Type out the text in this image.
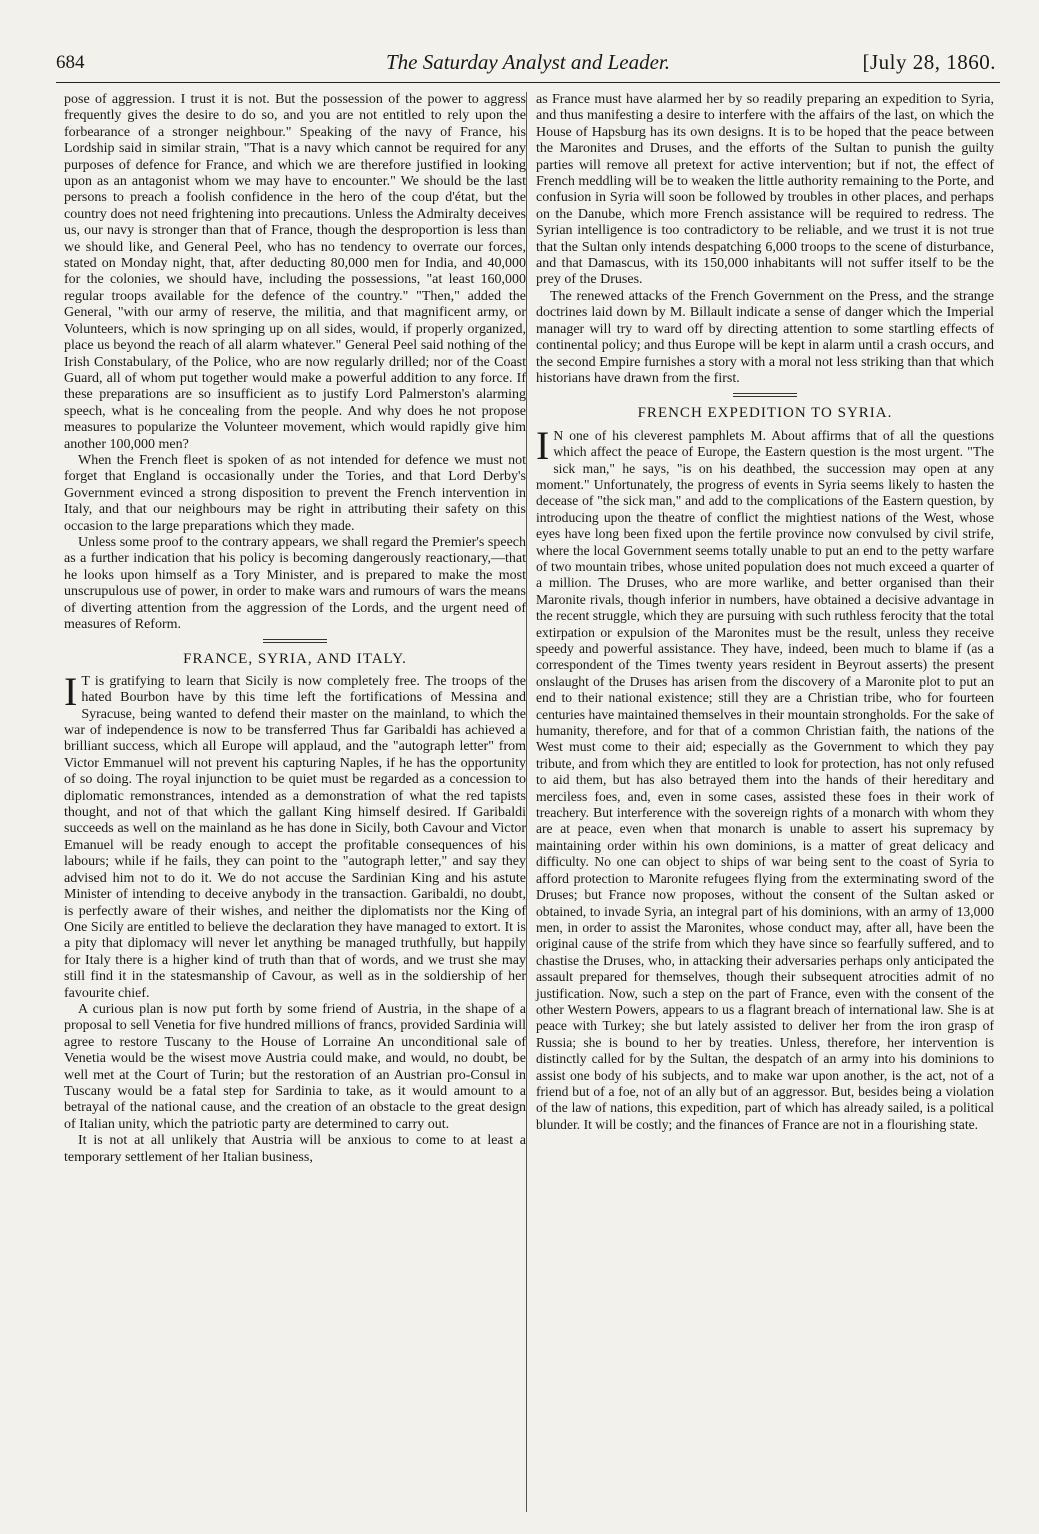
684	The Saturday Analyst and Leader.	[July 28, 1860.

pose of aggression. I trust it is not. But the possession of the power to aggress frequently gives the desire to do so, and you are not entitled to rely upon the forbearance of a stronger neighbour." Speaking of the navy of France, his Lordship said in similar strain, "That is a navy which cannot be required for any purposes of defence for France, and which we are therefore justified in looking upon as an antagonist whom we may have to encounter." We should be the last persons to preach a foolish confidence in the hero of the coup d'état, but the country does not need frightening into precautions. Unless the Admiralty deceives us, our navy is stronger than that of France, though the desproportion is less than we should like, and General Peel, who has no tendency to overrate our forces, stated on Monday night, that, after deducting 80,000 men for India, and 40,000 for the colonies, we should have, including the possessions, "at least 160,000 regular troops available for the defence of the country." "Then," added the General, "with our army of reserve, the militia, and that magnificent army, or Volunteers, which is now springing up on all sides, would, if properly organized, place us beyond the reach of all alarm whatever." General Peel said nothing of the Irish Constabulary, of the Police, who are now regularly drilled; nor of the Coast Guard, all of whom put together would make a powerful addition to any force. If these preparations are so insufficient as to justify Lord Palmerston's alarming speech, what is he concealing from the people. And why does he not propose measures to popularize the Volunteer movement, which would rapidly give him another 100,000 men?

When the French fleet is spoken of as not intended for defence we must not forget that England is occasionally under the Tories, and that Lord Derby's Government evinced a strong disposition to prevent the French intervention in Italy, and that our neighbours may be right in attributing their safety on this occasion to the large preparations which they made.

Unless some proof to the contrary appears, we shall regard the Premier's speech as a further indication that his policy is becoming dangerously reactionary,—that he looks upon himself as a Tory Minister, and is prepared to make the most unscrupulous use of power, in order to make wars and rumours of wars the means of diverting attention from the aggression of the Lords, and the urgent need of measures of Reform.

FRANCE, SYRIA, AND ITALY.

I T is gratifying to learn that Sicily is now completely free. The troops of the hated Bourbon have by this time left the fortifications of Messina and Syracuse, being wanted to defend their master on the mainland, to which the war of independence is now to be transferred Thus far Garibaldi has achieved a brilliant success, which all Europe will applaud, and the "autograph letter" from Victor Emmanuel will not prevent his capturing Naples, if he has the opportunity of so doing. The royal injunction to be quiet must be regarded as a concession to diplomatic remonstrances, intended as a demonstration of what the red tapists thought, and not of that which the gallant King himself desired. If Garibaldi succeeds as well on the mainland as he has done in Sicily, both Cavour and Victor Emanuel will be ready enough to accept the profitable consequences of his labours; while if he fails, they can point to the "autograph letter," and say they advised him not to do it. We do not accuse the Sardinian King and his astute Minister of intending to deceive anybody in the transaction. Garibaldi, no doubt, is perfectly aware of their wishes, and neither the diplomatists nor the King of One Sicily are entitled to believe the declaration they have managed to extort. It is a pity that diplomacy will never let anything be managed truthfully, but happily for Italy there is a higher kind of truth than that of words, and we trust she may still find it in the statesmanship of Cavour, as well as in the soldiership of her favourite chief.

A curious plan is now put forth by some friend of Austria, in the shape of a proposal to sell Venetia for five hundred millions of francs, provided Sardinia will agree to restore Tuscany to the House of Lorraine An unconditional sale of Venetia would be the wisest move Austria could make, and would, no doubt, be well met at the Court of Turin; but the restoration of an Austrian pro-Consul in Tuscany would be a fatal step for Sardinia to take, as it would amount to a betrayal of the national cause, and the creation of an obstacle to the great design of Italian unity, which the patriotic party are determined to carry out.

It is not at all unlikely that Austria will be anxious to come to at least a temporary settlement of her Italian business,

as France must have alarmed her by so readily preparing an expedition to Syria, and thus manifesting a desire to interfere with the affairs of the last, on which the House of Hapsburg has its own designs. It is to be hoped that the peace between the Maronites and Druses, and the efforts of the Sultan to punish the guilty parties will remove all pretext for active intervention; but if not, the effect of French meddling will be to weaken the little authority remaining to the Porte, and confusion in Syria will soon be followed by troubles in other places, and perhaps on the Danube, which more French assistance will be required to redress. The Syrian intelligence is too contradictory to be reliable, and we trust it is not true that the Sultan only intends despatching 6,000 troops to the scene of disturbance, and that Damascus, with its 150,000 inhabitants will not suffer itself to be the prey of the Druses.

The renewed attacks of the French Government on the Press, and the strange doctrines laid down by M. Billault indicate a sense of danger which the Imperial manager will try to ward off by directing attention to some startling effects of continental policy; and thus Europe will be kept in alarm until a crash occurs, and the second Empire furnishes a story with a moral not less striking than that which historians have drawn from the first.

FRENCH EXPEDITION TO SYRIA.

I N one of his cleverest pamphlets M. About affirms that of all the questions which affect the peace of Europe, the Eastern question is the most urgent. "The sick man," he says, "is on his deathbed, the succession may open at any moment." Unfortunately, the progress of events in Syria seems likely to hasten the decease of "the sick man," and add to the complications of the Eastern question, by introducing upon the theatre of conflict the mightiest nations of the West, whose eyes have long been fixed upon the fertile province now convulsed by civil strife, where the local Government seems totally unable to put an end to the petty warfare of two mountain tribes, whose united population does not much exceed a quarter of a million. The Druses, who are more warlike, and better organised than their Maronite rivals, though inferior in numbers, have obtained a decisive advantage in the recent struggle, which they are pursuing with such ruthless ferocity that the total extirpation or expulsion of the Maronites must be the result, unless they receive speedy and powerful assistance. They have, indeed, been much to blame if (as a correspondent of the Times twenty years resident in Beyrout asserts) the present onslaught of the Druses has arisen from the discovery of a Maronite plot to put an end to their national existence; still they are a Christian tribe, who for fourteen centuries have maintained themselves in their mountain strongholds. For the sake of humanity, therefore, and for that of a common Christian faith, the nations of the West must come to their aid; especially as the Government to which they pay tribute, and from which they are entitled to look for protection, has not only refused to aid them, but has also betrayed them into the hands of their hereditary and merciless foes, and, even in some cases, assisted these foes in their work of treachery. But interference with the sovereign rights of a monarch with whom they are at peace, even when that monarch is unable to assert his supremacy by maintaining order within his own dominions, is a matter of great delicacy and difficulty. No one can object to ships of war being sent to the coast of Syria to afford protection to Maronite refugees flying from the exterminating sword of the Druses; but France now proposes, without the consent of the Sultan asked or obtained, to invade Syria, an integral part of his dominions, with an army of 13,000 men, in order to assist the Maronites, whose conduct may, after all, have been the original cause of the strife from which they have since so fearfully suffered, and to chastise the Druses, who, in attacking their adversaries perhaps only anticipated the assault prepared for themselves, though their subsequent atrocities admit of no justification. Now, such a step on the part of France, even with the consent of the other Western Powers, appears to us a flagrant breach of international law. She is at peace with Turkey; she but lately assisted to deliver her from the iron grasp of Russia; she is bound to her by treaties. Unless, therefore, her intervention is distinctly called for by the Sultan, the despatch of an army into his dominions to assist one body of his subjects, and to make war upon another, is the act, not of a friend but of a foe, not of an ally but of an aggressor. But, besides being a violation of the law of nations, this expedition, part of which has already sailed, is a political blunder. It will be costly; and the finances of France are not in a flourishing state.
